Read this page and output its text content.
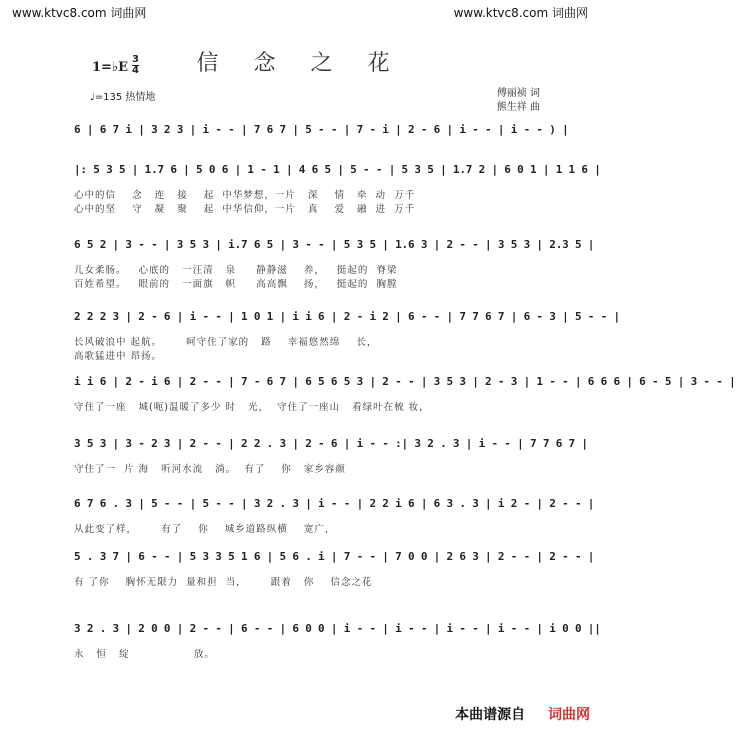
www.ktvc8.com 词曲网	www.ktvc8.com 词曲网
1=♭E
3
4	信 念 之 花
♩=135 热情地	傅丽祯 词
熊生祥 曲
6 | 6 7 i | 3 2 3 | i - - | 7 6 7 | 5 - - | 7 - i | 2 - 6 | i - - | i - - ) |
|: 5 3 5 | 1.7 6 | 5 0 6 | 1 - 1 | 4 6 5 | 5 - - | 5 3 5 | 1.7 2 | 6 0 1 | 1 1 6 |
心中的信    念   连   接    起  中华梦想，一片   深    情   牵  动  万千
心中的坚    守   凝   聚    起  中华信仰，一片   真    爱   融  进  万千
6 5 2 | 3 - - | 3 5 3 | i.7 6 5 | 3 - - | 5 3 5 | 1.6 3 | 2 - - | 3 5 3 | 2.3 5 |
儿女柔肠。   心底的   一汪清   泉     静静滋    养，   挺起的  脊梁
百姓希望。   眼前的   一面旗   帜     高高飘    扬，   挺起的  胸膛
2 2 2 3 | 2 - 6 | i - - | 1 0 1 | i i 6 | 2 - i 2 | 6 - - | 7 7 6 7 | 6 - 3 | 5 - - |
长风破浪中 起航。      呵守住了家的   路    幸福悠然绵    长，
高歌猛进中 昂扬。
i i 6 | 2 - i 6 | 2 - - | 7 - 6 7 | 6 5 6 5 3 | 2 - - | 3 5 3 | 2 - 3 | 1 - - | 6 6 6 | 6 - 5 | 3 - - |
守住了一座   城(呃)温暖了多少 时   光，  守住了一座山   看绿叶在梳 妆，
3 5 3 | 3 - 2 3 | 2 - - | 2 2 . 3 | 2 - 6 | i - - :| 3 2 . 3 | i - - | 7 7 6 7 |
守住了一  片 海   听河水流   淌。  有了    你   家乡容颜
6 7 6 . 3 | 5 - - | 5 - - | 3 2 . 3 | i - - | 2 2 i 6 | 6 3 . 3 | i 2 - | 2 - - |
从此变了样，      有了    你    城乡道路纵横    宽广，
5 . 3 7 | 6 - - | 5 3 3 5 1 6 | 5 6 . i | 7 - - | 7 0 0 | 2 6 3 | 2 - - | 2 - - |
有 了你    胸怀无限力  量和担  当，      跟着   你    信念之花
3 2 . 3 | 2 0 0 | 2 - - | 6 - - | 6 0 0 | i - - | i - - | i - - | i - - | i 0 0 ||
永   恒   绽                放。
本曲谱源自 词曲网
